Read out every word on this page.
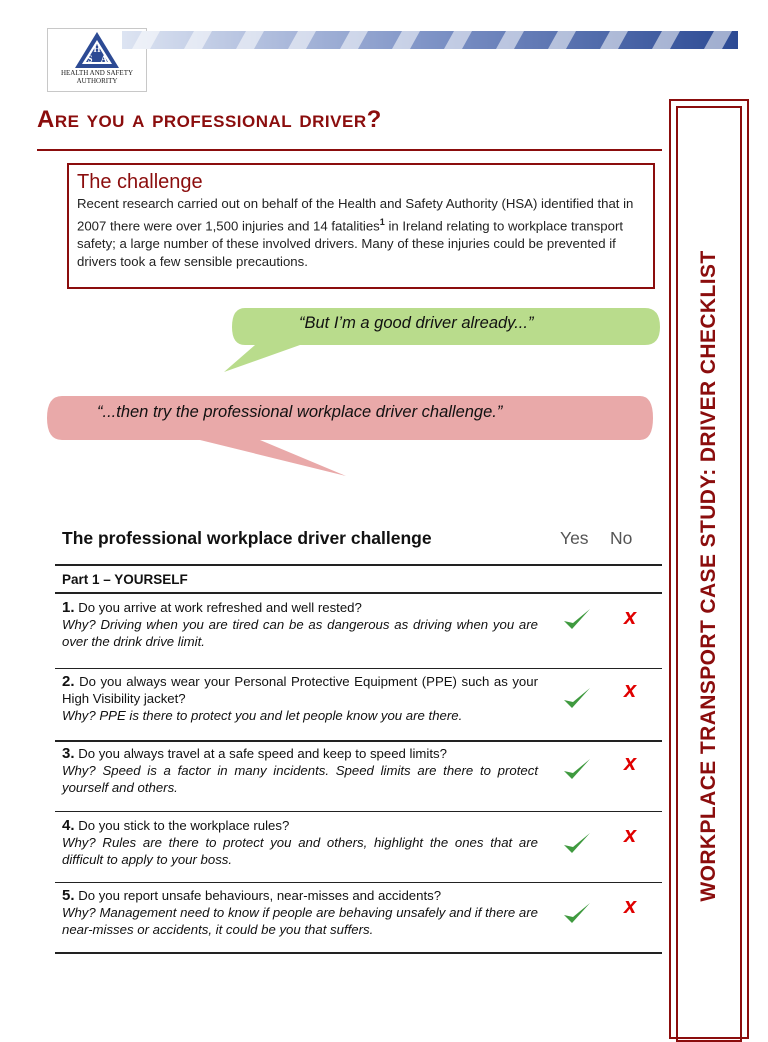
H
S A
HEALTH AND SAFETY AUTHORITY
Are you a professional driver?
The challenge

Recent research carried out on behalf of the Health and Safety Authority (HSA) identified that in 2007 there were over 1,500 injuries and 14 fatalities$^1$ in Ireland relating to workplace transport safety; a large number of these involved drivers. Many of these injuries could be prevented if drivers took a few sensible precautions.

“But I’m a good driver already...”
“...then try the professional workplace driver challenge.”	WORKPLACE TRANSPORT CASE STUDY: DRIVER CHECKLIST
The professional workplace driver challenge	Yes No
Part 1 – YOURSELF
1. Do you arrive at work refreshed and well rested?
Why? Driving when you are tired can be as dangerous as driving when you are over the drink drive limit.
2. Do you always wear your Personal Protective Equipment (PPE) such as your High Visibility jacket?
Why? PPE is there to protect you and let people know you are there.
3. Do you always travel at a safe speed and keep to speed limits?
Why? Speed is a factor in many incidents. Speed limits are there to protect yourself and others.
4. Do you stick to the workplace rules?
Why? Rules are there to protect you and others, highlight the ones that are difficult to apply to your boss.
5. Do you report unsafe behaviours, near-misses and accidents?
Why? Management need to know if people are behaving unsafely and if there are near-misses or accidents, it could be you that suffers.
x
x
x
x
x
